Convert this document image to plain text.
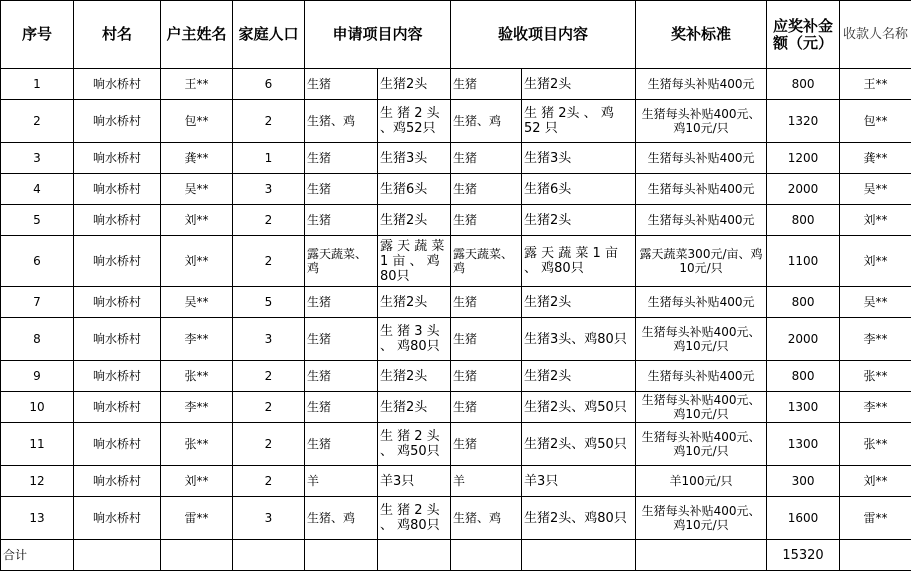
序号	村名	户主姓名	家庭人口	申请项目内容		验收项目内容		奖补标准	应奖补金额（元）	收款人名称
1	响水桥村	王**	6	生猪	生猪2头	生猪	生猪2头	生猪每头补贴400元	800	王**
2	响水桥村	包**	2	生猪、鸡	生 猪 2 头 、鸡52只	生猪、鸡	生 猪 2头 、 鸡 52 只	生猪每头补贴400元、鸡10元/只	1320	包**
3	响水桥村	龚**	1	生猪	生猪3头	生猪	生猪3头	生猪每头补贴400元	1200	龚**
4	响水桥村	吴**	3	生猪	生猪6头	生猪	生猪6头	生猪每头补贴400元	2000	吴**
5	响水桥村	刘**	2	生猪	生猪2头	生猪	生猪2头	生猪每头补贴400元	800	刘**
6	响水桥村	刘**	2	露天蔬菜、鸡	露 天 蔬 菜 1 亩 、 鸡 80只	露天蔬菜、鸡	露 天 蔬 菜 1 亩 、 鸡80只	露天蔬菜300元/亩、鸡10元/只	1100	刘**
7	响水桥村	吴**	5	生猪	生猪2头	生猪	生猪2头	生猪每头补贴400元	800	吴**
8	响水桥村	李**	3	生猪	生 猪 3 头 、 鸡80只	生猪	生猪3头、鸡80只	生猪每头补贴400元、鸡10元/只	2000	李**
9	响水桥村	张**	2	生猪	生猪2头	生猪	生猪2头	生猪每头补贴400元	800	张**
10	响水桥村	李**	2	生猪	生猪2头	生猪	生猪2头、鸡50只	生猪每头补贴400元、鸡10元/只	1300	李**
11	响水桥村	张**	2	生猪	生 猪 2 头 、 鸡50只	生猪	生猪2头、鸡50只	生猪每头补贴400元、鸡10元/只	1300	张**
12	响水桥村	刘**	2	羊	羊3只	羊	羊3只	羊100元/只	300	刘**
13	响水桥村	雷**	3	生猪、鸡	生 猪 2 头 、 鸡80只	生猪、鸡	生猪2头、鸡80只	生猪每头补贴400元、鸡10元/只	1600	雷**
合计									15320	
